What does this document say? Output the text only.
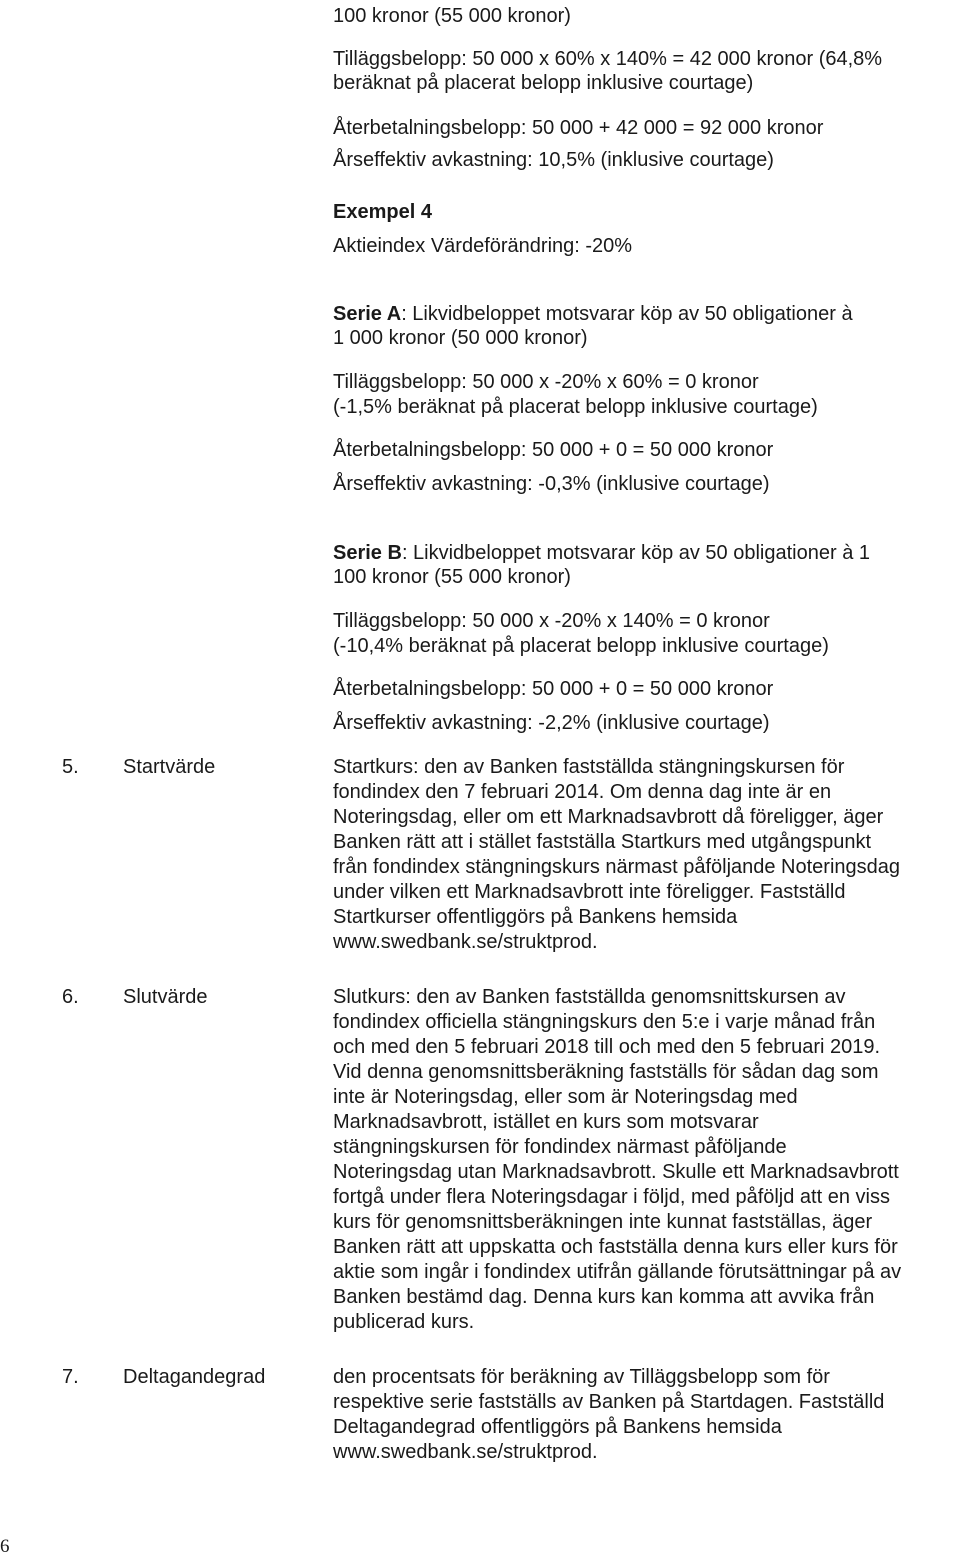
100 kronor (55 000 kronor)

Tilläggsbelopp: 50 000 x 60% x 140% = 42 000 kronor (64,8%

beräknat på placerat belopp inklusive courtage)

Återbetalningsbelopp: 50 000 + 42 000 = 92 000 kronor

Årseffektiv avkastning: 10,5% (inklusive courtage)

Exempel 4

Aktieindex Värdeförändring: -20%

Serie A: Likvidbeloppet motsvarar köp av 50 obligationer à

1 000 kronor (50 000 kronor)

Tilläggsbelopp: 50 000 x -20% x 60% = 0 kronor

(-1,5% beräknat på placerat belopp inklusive courtage)

Återbetalningsbelopp: 50 000 + 0 = 50 000 kronor

Årseffektiv avkastning: -0,3% (inklusive courtage)

Serie B: Likvidbeloppet motsvarar köp av 50 obligationer à 1

100 kronor (55 000 kronor)

Tilläggsbelopp: 50 000 x -20% x 140% = 0 kronor

(-10,4% beräknat på placerat belopp inklusive courtage)

Återbetalningsbelopp: 50 000 + 0 = 50 000 kronor

Årseffektiv avkastning: -2,2% (inklusive courtage)

5. Startvärde	Startkurs: den av Banken fastställda stängningskursen för
fondindex den 7 februari 2014. Om denna dag inte är en
Noteringsdag, eller om ett Marknadsavbrott då föreligger, äger
Banken rätt att i stället fastställa Startkurs med utgångspunkt
från fondindex stängningskurs närmast påföljande Noteringsdag
under vilken ett Marknadsavbrott inte föreligger. Fastställd
Startkurser offentliggörs på Bankens hemsida
www.swedbank.se/struktprod.
6. Slutvärde	Slutkurs: den av Banken fastställda genomsnittskursen av
fondindex officiella stängningskurs den 5:e i varje månad från
och med den 5 februari 2018 till och med den 5 februari 2019.
Vid denna genomsnittsberäkning fastställs för sådan dag som
inte är Noteringsdag, eller som är Noteringsdag med
Marknadsavbrott, istället en kurs som motsvarar
stängningskursen för fondindex närmast påföljande
Noteringsdag utan Marknadsavbrott. Skulle ett Marknadsavbrott
fortgå under flera Noteringsdagar i följd, med påföljd att en viss
kurs för genomsnittsberäkningen inte kunnat fastställas, äger
Banken rätt att uppskatta och fastställa denna kurs eller kurs för
aktie som ingår i fondindex utifrån gällande förutsättningar på av
Banken bestämd dag. Denna kurs kan komma att avvika från
publicerad kurs.
7. Deltagandegrad	den procentsats för beräkning av Tilläggsbelopp som för
respektive serie fastställs av Banken på Startdagen. Fastställd
Deltagandegrad offentliggörs på Bankens hemsida
www.swedbank.se/struktprod.
6
